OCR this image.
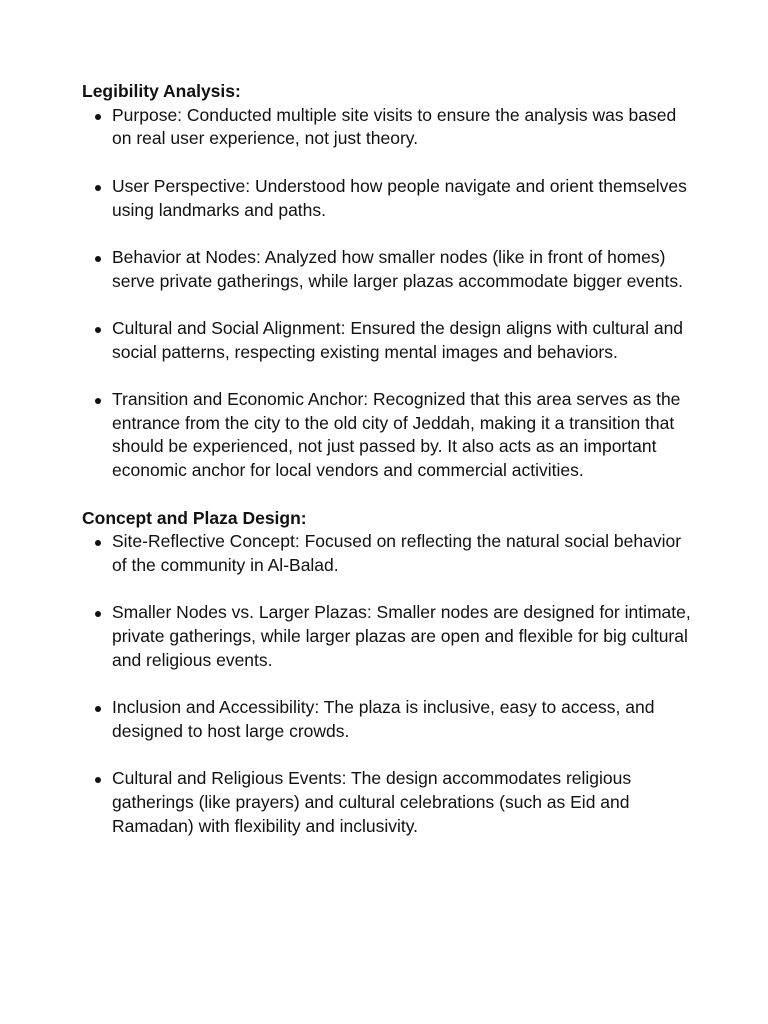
Legibility Analysis:

Purpose: Conducted multiple site visits to ensure the analysis was based on real user experience, not just theory.
User Perspective: Understood how people navigate and orient themselves using landmarks and paths.
Behavior at Nodes: Analyzed how smaller nodes (like in front of homes) serve private gatherings, while larger plazas accommodate bigger events.
Cultural and Social Alignment: Ensured the design aligns with cultural and social patterns, respecting existing mental images and behaviors.
Transition and Economic Anchor: Recognized that this area serves as the entrance from the city to the old city of Jeddah, making it a transition that should be experienced, not just passed by. It also acts as an important economic anchor for local vendors and commercial activities.

Concept and Plaza Design:

Site-Reflective Concept: Focused on reflecting the natural social behavior of the community in Al-Balad.
Smaller Nodes vs. Larger Plazas: Smaller nodes are designed for intimate, private gatherings, while larger plazas are open and flexible for big cultural and religious events.
Inclusion and Accessibility: The plaza is inclusive, easy to access, and designed to host large crowds.
Cultural and Religious Events: The design accommodates religious gatherings (like prayers) and cultural celebrations (such as Eid and Ramadan) with flexibility and inclusivity.
